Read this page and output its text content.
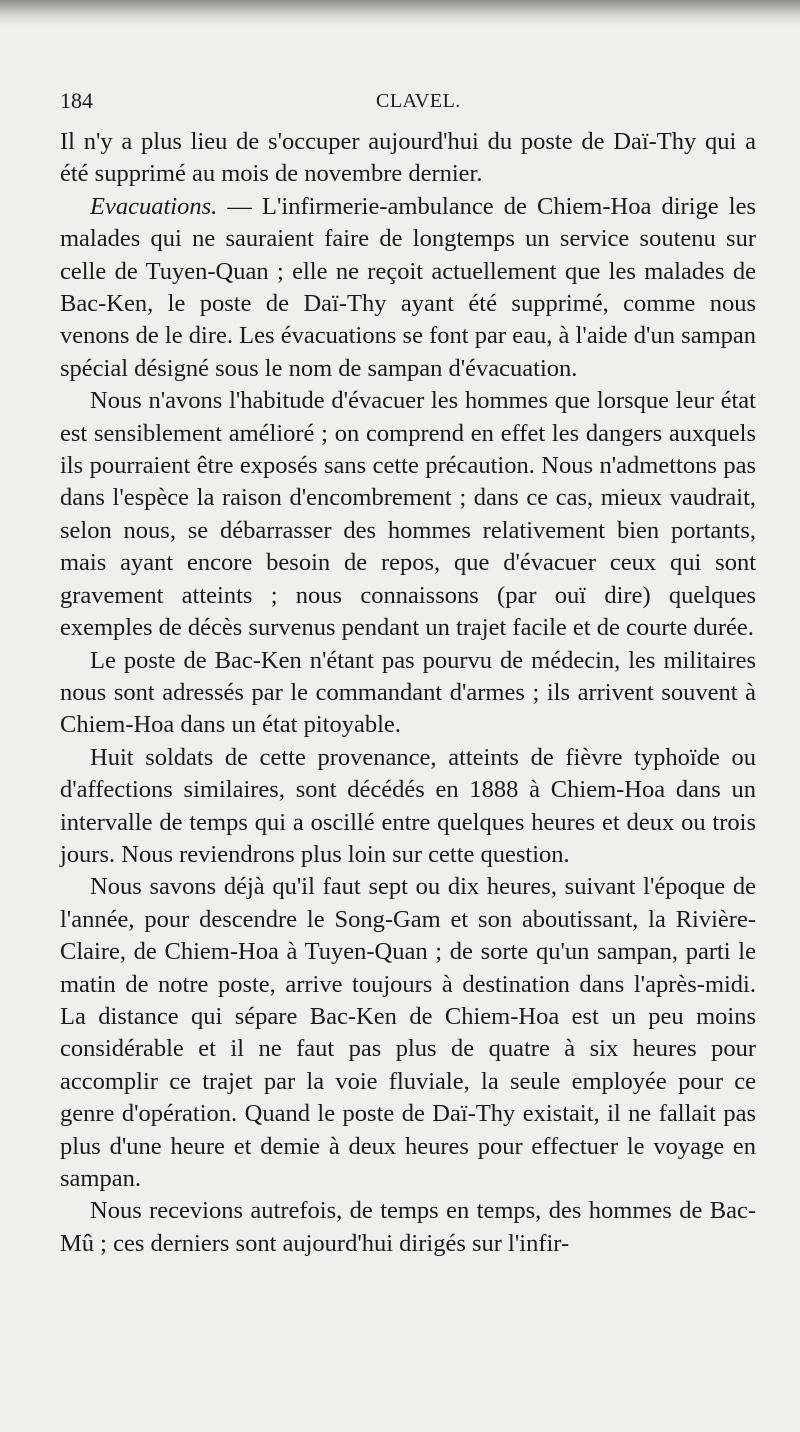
184	CLAVEL.

Il n'y a plus lieu de s'occuper aujourd'hui du poste de Daï-Thy qui a été supprimé au mois de novembre dernier.

Evacuations. — L'infirmerie-ambulance de Chiem-Hoa dirige les malades qui ne sauraient faire de longtemps un service soutenu sur celle de Tuyen-Quan ; elle ne reçoit actuellement que les malades de Bac-Ken, le poste de Daï-Thy ayant été supprimé, comme nous venons de le dire. Les évacuations se font par eau, à l'aide d'un sampan spécial désigné sous le nom de sampan d'évacuation.

Nous n'avons l'habitude d'évacuer les hommes que lorsque leur état est sensiblement amélioré ; on comprend en effet les dangers auxquels ils pourraient être exposés sans cette précaution. Nous n'admettons pas dans l'espèce la raison d'encombrement ; dans ce cas, mieux vaudrait, selon nous, se débarrasser des hommes relativement bien portants, mais ayant encore besoin de repos, que d'évacuer ceux qui sont gravement atteints ; nous connaissons (par ouï dire) quelques exemples de décès survenus pendant un trajet facile et de courte durée.

Le poste de Bac-Ken n'étant pas pourvu de médecin, les militaires nous sont adressés par le commandant d'armes ; ils arrivent souvent à Chiem-Hoa dans un état pitoyable.

Huit soldats de cette provenance, atteints de fièvre typhoïde ou d'affections similaires, sont décédés en 1888 à Chiem-Hoa dans un intervalle de temps qui a oscillé entre quelques heures et deux ou trois jours. Nous reviendrons plus loin sur cette question.

Nous savons déjà qu'il faut sept ou dix heures, suivant l'époque de l'année, pour descendre le Song-Gam et son aboutissant, la Rivière-Claire, de Chiem-Hoa à Tuyen-Quan ; de sorte qu'un sampan, parti le matin de notre poste, arrive toujours à destination dans l'après-midi. La distance qui sépare Bac-Ken de Chiem-Hoa est un peu moins considérable et il ne faut pas plus de quatre à six heures pour accomplir ce trajet par la voie fluviale, la seule employée pour ce genre d'opération. Quand le poste de Daï-Thy existait, il ne fallait pas plus d'une heure et demie à deux heures pour effectuer le voyage en sampan.

Nous recevions autrefois, de temps en temps, des hommes de Bac-Mû ; ces derniers sont aujourd'hui dirigés sur l'infir-
